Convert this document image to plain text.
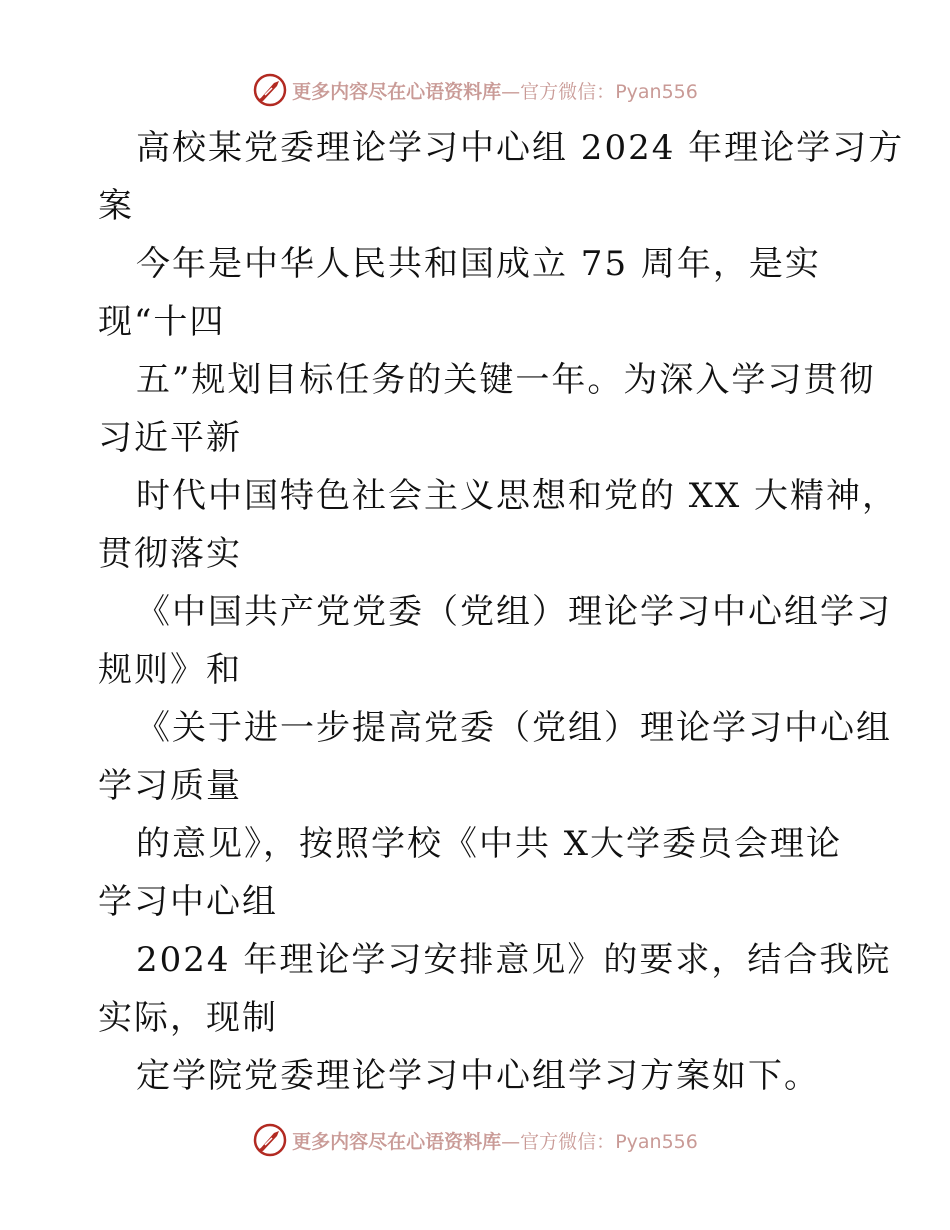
更多内容尽在心语资料库—官方微信：Pyan556
高校某党委理论学习中心组 2024 年理论学习方
案
今年是中华人民共和国成立 75 周年，是实
现“十四
五”规划目标任务的关键一年。为深入学习贯彻
习近平新
时代中国特色社会主义思想和党的 XX 大精神，
贯彻落实
《中国共产党党委（党组）理论学习中心组学习
规则》和
《关于进一步提高党委（党组）理论学习中心组
学习质量
的意见》，按照学校《中共 X大学委员会理论
学习中心组
2024 年理论学习安排意见》的要求，结合我院
实际，现制
定学院党委理论学习中心组学习方案如下。
更多内容尽在心语资料库—官方微信：Pyan556
